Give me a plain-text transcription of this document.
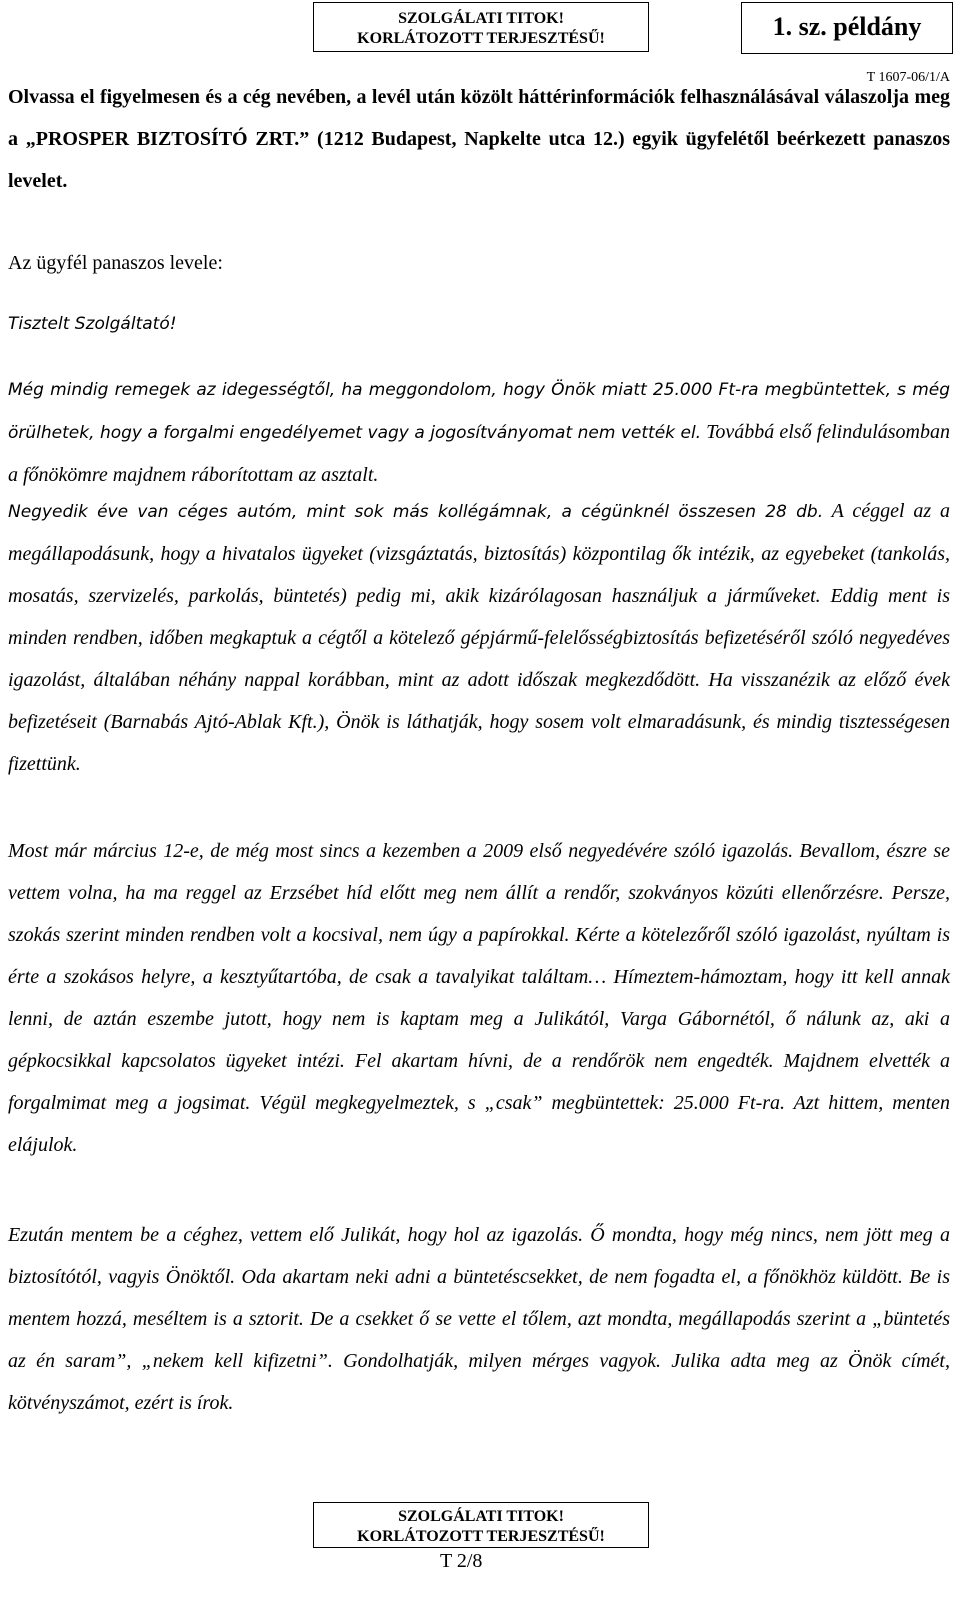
SZOLGÁLATI TITOK!
KORLÁTOZOTT TERJESZTÉSŰ!	1. sz. példány
T 1607-06/1/A

Olvassa el figyelmesen és a cég nevében, a levél után közölt háttérinformációk felhasználásával válaszolja meg a „PROSPER BIZTOSÍTÓ ZRT.” (1212 Budapest, Napkelte utca 12.) egyik ügyfelétől beérkezett panaszos levelet.

Az ügyfél panaszos levele:

Tisztelt Szolgáltató!

Még mindig remegek az idegességtől, ha meggondolom, hogy Önök miatt 25.000 Ft-ra megbüntettek, s még örülhetek, hogy a forgalmi engedélyemet vagy a jogosítványomat nem vették el. Továbbá első felindulásomban a főnökömre majdnem ráborítottam az asztalt.

Negyedik éve van céges autóm, mint sok más kollégámnak, a cégünknél összesen 28 db. A céggel az a megállapodásunk, hogy a hivatalos ügyeket (vizsgáztatás, biztosítás) központilag ők intézik, az egyebeket (tankolás, mosatás, szervizelés, parkolás, büntetés) pedig mi, akik kizárólagosan használjuk a járműveket. Eddig ment is minden rendben, időben megkaptuk a cégtől a kötelező gépjármű-felelősségbiztosítás befizetéséről szóló negyedéves igazolást, általában néhány nappal korábban, mint az adott időszak megkezdődött. Ha visszanézik az előző évek befizetéseit (Barnabás Ajtó-Ablak Kft.), Önök is láthatják, hogy sosem volt elmaradásunk, és mindig tisztességesen fizettünk.

Most már március 12-e, de még most sincs a kezemben a 2009 első negyedévére szóló igazolás. Bevallom, észre se vettem volna, ha ma reggel az Erzsébet híd előtt meg nem állít a rendőr, szokványos közúti ellenőrzésre. Persze, szokás szerint minden rendben volt a kocsival, nem úgy a papírokkal. Kérte a kötelezőről szóló igazolást, nyúltam is érte a szokásos helyre, a kesztyűtartóba, de csak a tavalyikat találtam… Hímeztem-hámoztam, hogy itt kell annak lenni, de aztán eszembe jutott, hogy nem is kaptam meg a Julikától, Varga Gábornétól, ő nálunk az, aki a gépkocsikkal kapcsolatos ügyeket intézi. Fel akartam hívni, de a rendőrök nem engedték. Majdnem elvették a forgalmimat meg a jogsimat. Végül megkegyelmeztek, s „csak” megbüntettek: 25.000 Ft-ra. Azt hittem, menten elájulok.

Ezután mentem be a céghez, vettem elő Julikát, hogy hol az igazolás. Ő mondta, hogy még nincs, nem jött meg a biztosítótól, vagyis Önöktől. Oda akartam neki adni a büntetéscsekket, de nem fogadta el, a főnökhöz küldött. Be is mentem hozzá, meséltem is a sztorit. De a csekket ő se vette el tőlem, azt mondta, megállapodás szerint a „büntetés az én saram”, „nekem kell kifizetni”. Gondolhatják, milyen mérges vagyok. Julika adta meg az Önök címét, kötvényszámot, ezért is írok.

SZOLGÁLATI TITOK!
KORLÁTOZOTT TERJESZTÉSŰ!
T 2/8
